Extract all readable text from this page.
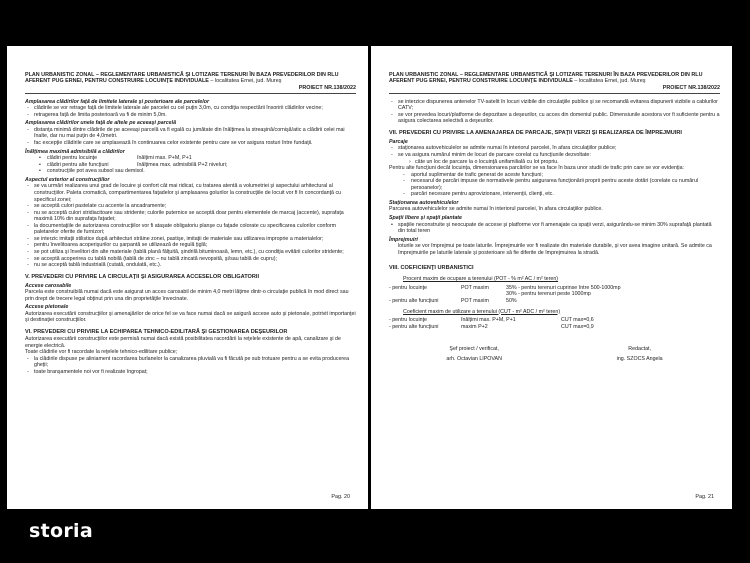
PLAN URBANISTIC ZONAL – REGLEMENTARE URBANISTICĂ ŞI LOTIZARE TERENURI ÎN BAZA PREVEDERILOR DIN RLU AFERENT PUG ERNEI, PENTRU CONSTRUIRE LOCUINŢE INDIVIDUALE – localitatea Ernei, jud. Mureş
PROIECT NR.138/2022
Amplasarea clădirilor faţă de limitele laterale şi posterioare ale parcelelor
- clădirile se vor retrage faţă de limitele laterale ale parcelei cu cel puţin 3,0m, cu condiţia respectării însoririi clădirilor vecine;
- retragerea faţă de limita posterioară va fi de minim 5,0m.
Amplasarea clădirilor unele faţă de altele pe aceeaşi parcelă
- distanţa minimă dintre clădirile de pe aceeaşi parcelă va fi egală cu jumătate din înălţimea la streaşină/cornişă/atic a clădirii celei mai înalte, dar nu mai puţin de 4,0metri.
- fac excepţie clădirile care se amplasează în continuarea celor existente pentru care se vor asigura rosturi între fundaţii.
Înălţimea maximă admisibilă a clădirilor
• clădiri pentru locuinţe	înălţimi max. P+M, P+1
• clădiri pentru alte funcţiuni	înălţimea max. admisibilă P+2 niveluri;
• construcţiile pot avea subsol sau demisol.
Aspectul exterior al construcţiilor
- se va urmări realizarea unui grad de locuire şi confort cât mai ridicat, cu tratarea atentă a volumetriei şi aspectului arhitectural al construcţiilor. Paleta cromatică, compartimentarea faţadelor şi amplasarea golurilor la construcţiile de locuit vor fi în concordanţă cu specificul zonei;
- se acceptă culori pastelate cu accente la ancadramente;
- nu se acceptă culori stridiacitoare sau stridente; culorile puternice se acceptă doar pentru elementele de marcaj (accente), suprafaţa maximă 10% din suprafaţa faţadei;
- la documentaţiile de autorizarea construcţiilor vor fi ataşate obligatoriu planşe cu faţade colorate cu specificarea culorilor conform paletarelor oferite de furnizori;
- se interzic imitaţii stilistice după arhitecturi străine zonei, pastişe, imitaţii de materiale sau utilizarea improprie a materialelor;
- pentru învelitoarea acoperişurilor cu şarpantă se utilizează de regulă ţiglă;
- se pot utiliza şi învelitori din alte materiale (tablă plană fălţuită, şindrilă bituminoasă, lemn, etc.), cu condiţia evitării culorilor stridente;
- se acceptă acoperirea cu tablă nobilă (tablă de zinc – nu tablă zincată nevopsită, şi/sau tablă de cupru);
- nu se acceptă tablă industrială (cutată, ondulată, etc.).
V. PREVEDERI CU PRIVIRE LA CIRCULAŢII ŞI ASIGURAREA ACCESELOR OBLIGATORII
Accese carosabile

Parcela este construibilă numai dacă este asigurat un acces carosabil de minim 4,0 metri lăţime dintr-o circulaţie publică în mod direct sau prin drept de trecere legal obţinut prin una din proprietăţile învecinate.

Accese pietonale

Autorizarea executării construcţiilor şi amenajărilor de orice fel se va face numai dacă se asigură accese auto şi pietonale, potrivit importanţei şi destinaţiei construcţiilor.

VI. PREVEDERI CU PRIVIRE LA ECHIPAREA TEHNICO-EDILITARĂ ŞI GESTIONAREA DEŞEURILOR

Autorizarea executării construcţiilor este permisă numai dacă există posibilitatea racordării la reţelele existente de apă, canalizare şi de energie electrică.

Toate clădirile vor fi racordate la reţelele tehnico-edilitare publice;

- la clădirile dispuse pe aliniament racordarea burlanelor la canalizarea pluvială va fi făcută pe sub trotuare pentru a se evita producerea gheţii;
- toate branşamentele noi vor fi realizate îngropat;
Pag. 20
PLAN URBANISTIC ZONAL – REGLEMENTARE URBANISTICĂ ŞI LOTIZARE TERENURI ÎN BAZA PREVEDERILOR DIN RLU AFERENT PUG ERNEI, PENTRU CONSTRUIRE LOCUINŢE INDIVIDUALE – localitatea Ernei, jud. Mureş
PROIECT NR.138/2022
- se interzice dispunerea antenelor TV-satelit în locuri vizibile din circulaţiile publice şi se recomandă evitarea dispunerii vizibile a cablurilor CATV;
- se vor prevedea locuri/platforme de depozitare a deşeurilor, cu acces din domeniul public. Dimensiunile acestora vor fi suficiente pentru a asigura colectarea selectivă a deşeurilor.
VII. PREVEDERI CU PRIVIRE LA AMENAJAREA DE PARCAJE, SPAŢII VERZI ŞI REALIZAREA DE ÎMPREJMUIRI
Parcaje
- staţionarea autovehiculelor se admite numai în interiorul parcelei, în afara circulaţiilor publice;
- se va asigura numărul minim de locuri de parcare corelat cu funcţiunile dezvoltate:
› câte un loc de parcare la o locuinţă unifamilială cu lot propriu.

Pentru alte funcţiuni decât locuinţa, dimensionarea parcărilor se va face în baza unor studii de trafic prin care se vor evidenţia:

- aportul suplimentar de trafic generat de aceste funcţiuni;
- necesarul de parcări impuse de normativele pentru asigurarea funcţionării proprii pentru aceste dotări (corelate cu numărul persoanelor);
- parcări necesare pentru aprovizionare, intervenţii, clienţi, etc.
Staţionarea autovehiculelor

Parcarea autovehiculelor se admite numai în interiorul parcelei, în afara circulaţiilor publice.

Spaţii libere şi spaţii plantate
• spaţiile neconstruite şi neocupate de accese şi platforme vor fi amenajate ca spaţii verzi, asigurându-se minim 30% suprafaţă plantată din total teren
Împrejmuiri

loturile se vor împrejmui pe toate laturile. Împrejmuirile vor fi realizate din materiale durabile, şi vor avea imagine unitară. Se admite ca împrejmuirile pe laturile laterale şi posterioare să fie diferite de împrejmuirea la stradă.

VIII. COEFICIENŢI URBANISTICI

Procent maxim de ocupare a terenului (POT - % m² AC / m² teren)

- pentru locuinţe	POT maxim	35% - pentru terenuri cuprinse între 500-1000mp
30% - pentru terenuri peste 1000mp
- pentru alte funcţiuni	POT maxim	50%

Coeficient maxim de utilizare a terenului (CUT - m² ADC / m² teren)

- pentru locuinţe	înălţimi max. P+M, P+1	CUT max=0,6
- pentru alte funcţiuni	maxim P+2	CUT max=0,9
Şef proiect / verificat,
arh. Octavian LIPOVAN
Redactat,
ing. SZOCS Angela
Pag. 21
storia
